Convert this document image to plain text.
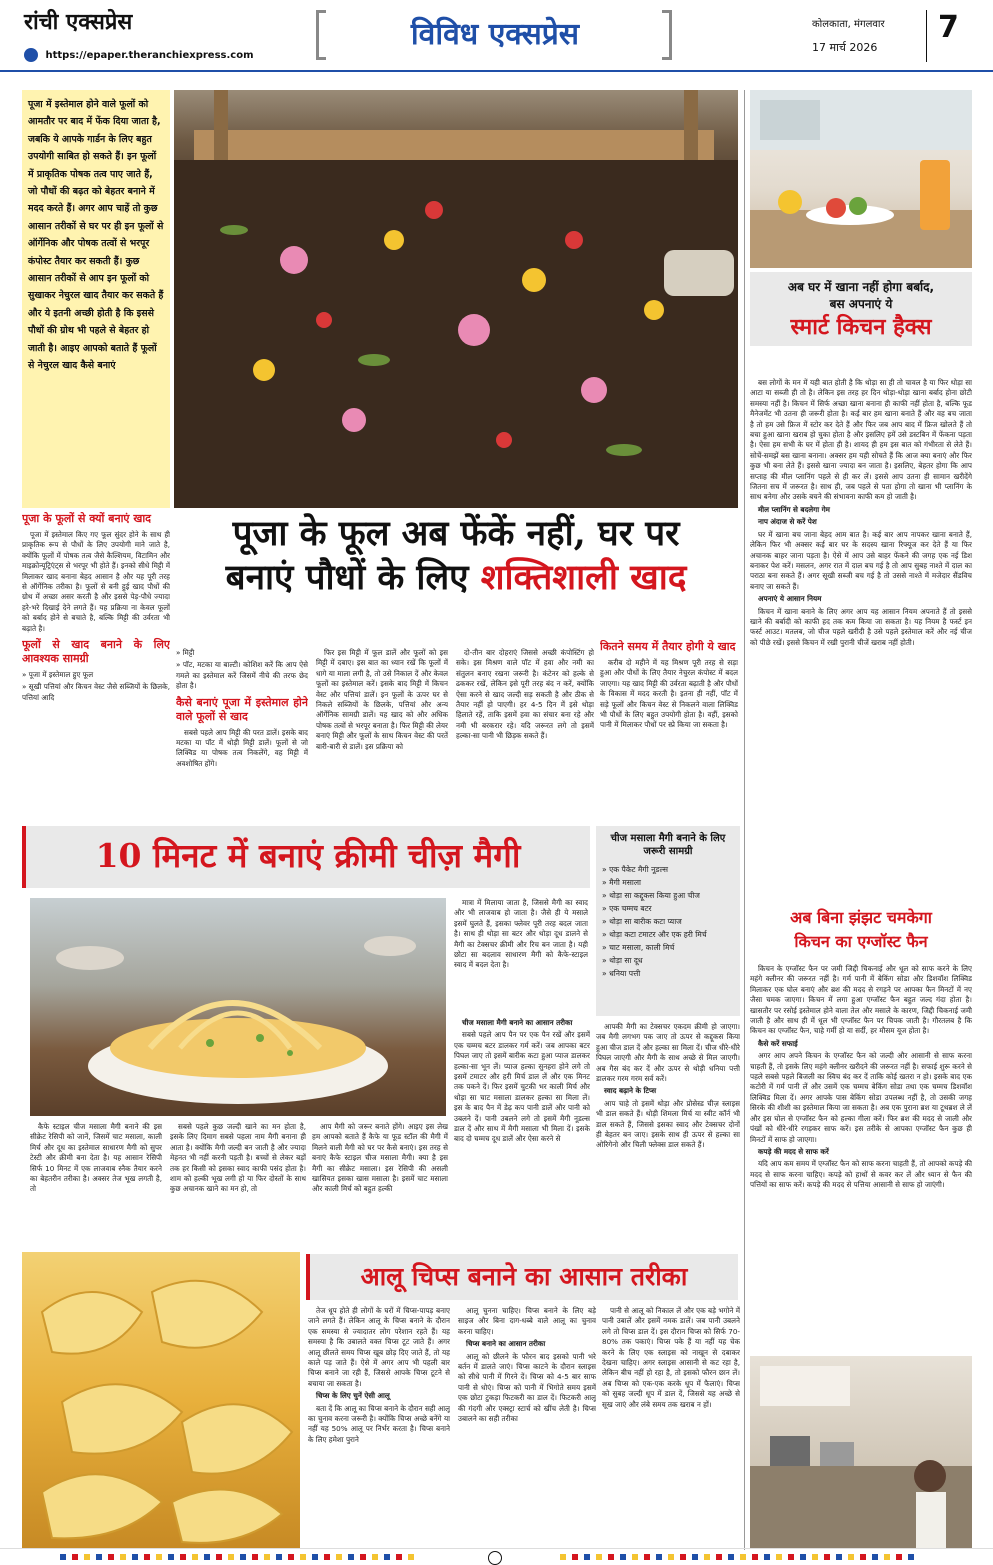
रांची एक्सप्रेस
https://epaper.theranchiexpress.com
विविध एक्सप्रेस	कोलकाता, मंगलवार
17 मार्च 2026
7
पूजा में इस्तेमाल होने वाले फूलों को आमतौर पर बाद में फेंक दिया जाता है, जबकि ये आपके गार्डन के लिए बहुत उपयोगी साबित हो सकते हैं। इन फूलों में प्राकृतिक पोषक तत्व पाए जाते हैं, जो पौधों की बढ़त को बेहतर बनाने में मदद करते हैं। अगर आप चाहें तो कुछ आसान तरीकों से घर पर ही इन फूलों से ऑर्गेनिक और पोषक तत्वों से भरपूर कंपोस्ट तैयार कर सकती हैं। कुछ आसान तरीकों से आप इन फूलों को सुखाकर नेचुरल खाद तैयार कर सकते हैं और ये इतनी अच्छी होती है कि इससे पौधों की ग्रोथ भी पहले से बेहतर हो जाती है। आइए आपको बताते हैं फूलों से नेचुरल खाद कैसे बनाएं
पूजा के फूल अब फेंकें नहीं, घर पर
बनाएं पौधों के लिए शक्तिशाली खाद
पूजा के फूलों से क्यों बनाएं खाद

पूजा में इस्तेमाल किए गए फूल सुंदर होने के साथ ही प्राकृतिक रूप से पौधों के लिए उपयोगी माने जाते है, क्योंकि फूलों में पोषक तत्व जैसे कैल्शियम, विटामिन और माइक्रोन्यूट्रिएंट्स से भरपूर भी होते हैं। इनको सीधे मिट्टी में मिलाकर खाद बनाना बेहद आसान है और यह पूरी तरह से ऑर्गेनिक तरीका है। फूलों से बनी हुई खाद पौधों की ग्रोथ में अच्छा असर करती है और इससे पेड़-पौधे ज्यादा हरे-भरे दिखाई देने लगते हैं। यह प्रक्रिया ना केवल फूलों को बर्बाद होने से बचाते है, बल्कि मिट्टी की उर्वरता भी बढ़ाते है।

फूलों से खाद बनाने के लिए आवश्यक सामग्री
» पूजा में इस्तेमाल हुए फूल
» सूखी पत्तियां और किचन वेस्ट जैसे सब्जियों के छिलके, पत्तियां आदि
» मिट्टी
» पॉट, मटका या बाल्टी। कोशिश करें कि आप ऐसे गमले का इस्तेमाल करें जिसमें नीचे की तरफ छेद होता है।
कैसे बनाएं पूजा में इस्तेमाल होने वाले फूलों से खाद

सबसे पहले आप मिट्टी की परत डालें। इसके बाद मटका या पॉट में थोड़ी मिट्टी डालें। फूलों से जो लिक्विड या पोषक तत्व निकलेंगे, वह मिट्टी में अवशोषित होंगे।

फिर इस मिट्टी में फूल डालें और फूलों को इस मिट्टी में दबाए। इस बात का ध्यान रखें कि फूलों में धागे या माला लगी है, तो उसे निकाल दें और केवल फूलों का इस्तेमाल करें। इसके बाद मिट्टी में किचन वेस्ट और पत्तियां डालें। इन फूलों के ऊपर घर से निकले सब्जियों के छिलके, पत्तियां और अन्य ऑर्गेनिक सामग्री डालें। यह खाद को और अधिक पोषक तत्वों से भरपूर बनाता है। फिर मिट्टी की लेयर बनाएं मिट्टी और फूलों के साथ किचन वेस्ट की परतें बारी-बारी से डालें। इस प्रक्रिया को

दो-तीन बार दोहराएं जिससे अच्छी कंपोस्टिंग हो सके। इस मिश्रण वाले पॉट में हवा और नमी का संतुलन बनाए रखना जरूरी है। कंटेनर को हल्के से ढककर रखें, लेकिन इसे पूरी तरह बंद न करें, क्योंकि ऐसा करने से खाद जल्दी सड़ सकती है और ठीक से तैयार नहीं हो पाएगी। हर 4-5 दिन में इसे थोड़ा हिलाते रहें, ताकि इसमें हवा का संचार बना रहे और नमी भी बरकरार रहे। यदि जरूरत लगे तो इसमें हल्का-सा पानी भी छिड़क सकते हैं।

कितने समय में तैयार होगी ये खाद

करीब दो महीने में यह मिश्रण पूरी तरह से सड़ा हुआ और पौधों के लिए तैयार नेचुरल कंपोस्ट में बदल जाएगा। यह खाद मिट्टी की उर्वरता बढ़ाती है और पौधों के विकास में मदद करती है। इतना ही नहीं, पॉट में सड़े फूलों और किचन वेस्ट से निकलने वाला लिक्विड भी पौधों के लिए बहुत उपयोगी होता है। वहीं, इसको पानी में मिलाकर पौधों पर स्प्रे किया जा सकता है।

अब घर में खाना नहीं होगा बर्बाद,
बस अपनाएं ये
स्मार्ट किचन हैक्स

बस लोगों के मन में यही बात होती है कि थोड़ा सा ही तो चावल है या फिर थोड़ा सा आटा या सब्जी ही तो है। लेकिन इस तरह हर दिन थोड़ा-थोड़ा खाना बर्बाद होना छोटी समस्या नहीं है। किचन में सिर्फ अच्छा खाना बनाना ही काफी नहीं होता है, बल्कि फूड मैनेजमेंट भी उतना ही जरूरी होता है। कई बार हम खाना बनाते हैं और वह बच जाता है तो हम उसे फ्रिज में स्टोर कर देते हैं और फिर जब आप बाद में फ्रिज खोलते हैं तो बचा हुआ खाना खराब हो चुका होता है और इसलिए हमें उसे डस्टबिन में फेंकना पड़ता है। ऐसा हम सभी के घर में होता ही है। शायद ही हम इस बात को गंभीरता से लेते हैं। सोचें-समझें बस खाना बनाना। अक्सर हम यही सोचते हैं कि आज क्या बनाएं और फिर कुछ भी बना लेते हैं। इससे खाना ज्यादा बन जाता है। इसलिए, बेहतर होगा कि आप सप्ताह की मील प्लानिंग पहले से ही कर लें। इससे आप उतना ही सामान खरीदेंगे जितना सच में जरूरत है। साथ ही, जब पहले से पता होगा तो खाना भी प्लानिंग के साथ बनेगा और उसके बचने की संभावना काफी कम हो जाती है।

मील प्लानिंग से बदलेगा गेम

नाप अंदाज से करें पेश

घर में खाना बच जाना बेहद आम बात है। कई बार आप नापकर खाना बनाते हैं, लेकिन फिर भी अक्सर कई बार घर के सदस्य खाना रिफ्यूज कर देते हैं या फिर अचानक बाहर जाना पड़ता है। ऐसे में आप उसे बाहर फेंकने की जगह एक नई डिश बनाकर पेश करें। मसलन, अगर रात में दाल बच गई है तो आप सुबह नाश्ते में दाल का पराठा बना सकते हैं। अगर सूखी सब्जी बच गई है तो उससे नाश्ते में मजेदार सैंडविच बनाए जा सकते हैं।

अपनाएं ये आसान नियम

किचन में खाना बनाने के लिए अगर आप यह आसान नियम अपनाते हैं तो इससे खाने की बर्बादी को काफी हद तक कम किया जा सकता है। यह नियम है फर्स्ट इन फर्स्ट आउट। मतलब, जो चीज पहले खरीदी है उसे पहले इस्तेमाल करें और नई चीज को पीछे रखें। इससे किचन में रखी पुरानी चीजें खराब नहीं होती।

अब बिना झंझट चमकेगा
किचन का एग्जॉस्ट फैन

किचन के एग्जॉस्ट फैन पर जमी जिद्दी चिकनाई और धूल को साफ करने के लिए महंगे क्लीनर की जरूरत नहीं है। गर्म पानी में बेकिंग सोडा और डिशवॉश लिक्विड मिलाकर एक घोल बनाएं और ब्रश की मदद से रगड़ने पर आपका फैन मिनटों में नए जैसा चमक जाएगा। किचन में लगा हुआ एग्जॉस्ट फैन बहुत जल्द गंदा होता है। खासतौर पर रसोई इस्तेमाल होने वाला तेल और मसाले के कारण, जिद्दी चिकनाई जमी जाती है और साथ ही में धूल भी एग्जॉस्ट फैन पर चिपक जाती है। गौरतलब है कि किचन का एग्जॉस्ट फैन, चाहे गर्मी हो या सर्दी, हर मौसम यूज होता है।

कैसे करें सफाई

अगर आप अपने किचन के एग्जॉस्ट फैन को जल्दी और आसानी से साफ करना चाहती हैं, तो इसके लिए महंगे क्लीनर खरीदने की जरूरत नहीं है। सफाई शुरू करने से पहले सबसे पहले बिजली का स्विच बंद कर दें ताकि कोई खतरा न हो। इसके बाद एक कटोरी में गर्म पानी लें और उसमें एक चम्मच बेकिंग सोडा तथा एक चम्मच डिशवॉश लिक्विड मिला दें। अगर आपके पास बेकिंग सोडा उपलब्ध नहीं है, तो उसकी जगह सिरके की शीशी का इस्तेमाल किया जा सकता है। अब एक पुराना ब्रश या टूथब्रश ले लें और इस घोल से एग्जॉस्ट फैन को हल्का गीला करें। फिर ब्रश की मदद से जाली और पंखों को धीरे-धीरे रगड़कर साफ करें। इस तरीके से आपका एग्जॉस्ट फैन कुछ ही मिनटों में साफ हो जाएगा।

कपड़े की मदद से साफ करें

यदि आप कम समय में एग्जॉस्ट फैन को साफ करना चाहती हैं, तो आपको कपड़े की मदद से साफ करना चाहिए। कपड़े को हाथों से कवर कर लें और ध्यान से फैन की पत्तियों का साफ करें। कपड़े की मदद से पत्तिया आसानी से साफ हो जाएंगी।

10 मिनट में बनाएं क्रीमी चीज़ मैगी	चीज मसाला मैगी बनाने के लिए जरूरी सामग्री
» एक पैकेट मैगी नूडल्स
» मैगी मसाला
» थोड़ा सा कद्दूकस किया हुआ चीज
» एक चम्मच बटर
» थोड़ा सा बारीक कटा प्याज
» थोड़ा कटा टमाटर और एक हरी मिर्च
» चाट मसाला, काली मिर्च
» थोड़ा सा दूध
» धनिया पत्ती

मात्रा में मिलाया जाता है, जिससे मैगी का स्वाद और भी लाजवाब हो जाता है। जैसे ही ये मसाले इसमें घुलते हैं, इसका फ्लेवर पूरी तरह बदल जाता है। साथ ही थोड़ा सा बटर और थोड़ा दूध डालने से मैगी का टेक्सचर क्रीमी और रिच बन जाता है। यही छोटा सा बदलाव साधारण मैगी को कैफे-स्टाइल स्वाद में बदल देता है।

चीज मसाला मैगी बनाने का आसान तरीका

सबसे पहले आप पैन पर एक पैन रखें और इसमें एक चम्मच बटर डालकर गर्म करें। जब आपका बटर पिघल जाए तो इसमें बारीक कटा हुआ प्याज डालकर हल्का-सा भून लें। प्याज हल्का सुनहरा होने लगे तो इसमें टमाटर और हरी मिर्च डाल लें और एक मिनट तक पकने दें। फिर इसमें चुटकी भर काली मिर्च और थोड़ा सा चाट मसाला डालकर हल्का सा मिला लें। इस के बाद पैन में डेढ़ कप पानी डालें और पानी को उबलने दें। पानी उबलने लगे तो इसमें मैगी नूडल्स डाल दें और साथ में मैगी मसाला भी मिला दें। इसके बाद दो चम्मच दूध डालें और ऐसा करने से

आपकी मैगी का टेक्सचर एकदम क्रीमी हो जाएगा। जब मैगी लगभग पक जाए तो ऊपर से कद्दूकस किया हुआ चीज डाल दें और हल्का सा मिला दें। चीज धीरे-धीरे पिघल जाएगी और मैगी के साथ अच्छे से मिल जाएगी। अब गैस बंद कर दें और ऊपर से थोड़ी धनिया पत्ती डालकर गरम गरम सर्व करें।

स्वाद बढ़ाने के टिप्स

आप चाहे तो इसमें थोड़ा और प्रोसेस्ड चीज़ स्लाइस भी डाल सकते हैं। थोड़ी शिमला मिर्च या स्वीट कॉर्न भी डाल सकते हैं, जिससे इसका स्वाद और टेक्सचर दोनों ही बेहतर बन जाए। इसके साथ ही ऊपर से हल्का सा ओरिगेनो और चिली फ्लेक्स डाल सकते हैं।

कैफे स्टाइल चीज मसाला मैगी बनाने की इस सीक्रेट रेसिपी को जानें, जिसमें चाट मसाला, काली मिर्च और दूध का इस्तेमाल साधारण मैगी को सुपर टेस्टी और क्रीमी बना देता है। यह आसान रेसिपी सिर्फ 10 मिनट में एक लाजवाब स्नैक तैयार करने का बेहतरीन तरीका है। अक्सर तेज भूख लगती है, तो

सबसे पहले कुछ जल्दी खाने का मन होता है, इसके लिए दिमाग सबसे पहला नाम मैगी बनाना ही आता है। क्योंकि मैगी जल्दी बन जाती है और ज्यादा मेहनत भी नहीं करनी पड़ती है। बच्चों से लेकर बड़ों तक हर किसी को इसका स्वाद काफी पसंद होता है। शाम को हल्की भूख लगी हो या फिर दोस्तों के साथ कुछ अचानक खाने का मन हो, तो

आप मैगी को जरूर बनाते होंगे। आइए इस लेख हम आपको बताते हैं कैफे या फूड स्टॉल की मैगी में मिलने वाली मैगी को घर पर कैसे बनाएं। इस तरह से बनाएं कैफे स्टाइल चीज मसाला मैगी। क्या है इस मैगी का सीक्रेट मसाला। इस रेसिपी की असली खासियत इसका खास मसाला है। इसमें चाट मसाला और काली मिर्च को बहुत हल्की

आलू चिप्स बनाने का आसान तरीका

तेज धूप होते ही लोगों के घरों में चिप्स-पापड़ बनाए जाने लगते हैं। लेकिन आलू के चिप्स बनाने के दौरान एक समस्या से ज्यादातर लोग परेशान रहते हैं। यह समस्या है कि उबालते वक्त चिप्स टूट जाते हैं। अगर आलू छीलते समय चिप्स खूब छोड़ दिए जाते हैं, तो यह काले पड़ जाते हैं। ऐसे में अगर आप भी पहली बार चिप्स बनाने जा रही हैं, जिससे आपके चिप्स टूटने से बचाया जा सकता है।

चिप्स के लिए चुनें ऐसी आलू

बता दें कि आलू का चिप्स बनाने के दौरान सही आलू का चुनाव करना जरूरी है। क्योंकि चिप्स अच्छे बनेंगे या नहीं यह 50% आलू पर निर्भर करता है। चिप्स बनाने के लिए हमेशा पुराने

आलू चुनना चाहिए। चिप्स बनाने के लिए बड़े साइज और बिना दाग-धब्बे वाले आलू का चुनाव करना चाहिए।

चिप्स बनाने का आसान तरीका

आलू को छीलने के फौरन बाद इसको पानी भरे बर्तन में डालते जाएं। चिप्स काटने के दौरान स्लाइस को सीधे पानी में गिरने दें। चिप्स को 4-5 बार साफ पानी से धोएं। चिप्स को पानी में भिगोते समय इसमें एक छोटा टुकड़ा फिटकरी का डाल दें। फिटकरी आलू की गंदगी और एक्स्ट्रा स्टार्च को खींच लेती है। चिप्स उबालने का सही तरीका

पानी से आलू को निकाल लें और एक बड़े भगोने में पानी उबालें और इसमें नमक डालें। जब पानी उबलने लगे तो चिप्स डाल दें। इस दौरान चिप्स को सिर्फ 70-80% तक पकाएं। चिप्स पके हैं या नहीं यह चेक करने के लिए एक स्लाइस को नाखून से दबाकर देखना चाहिए। अगर स्लाइस आसानी से कट रहा है, लेकिन बीच नहीं हो रहा है, तो इसको फौरन छान लें। अब चिप्स को एक-एक करके धूप में फैलाएं। चिप्स को सुबह जल्दी धूप में डाल दें, जिससे यह अच्छे से सूख जाएं और लंबे समय तक खराब न हों।
